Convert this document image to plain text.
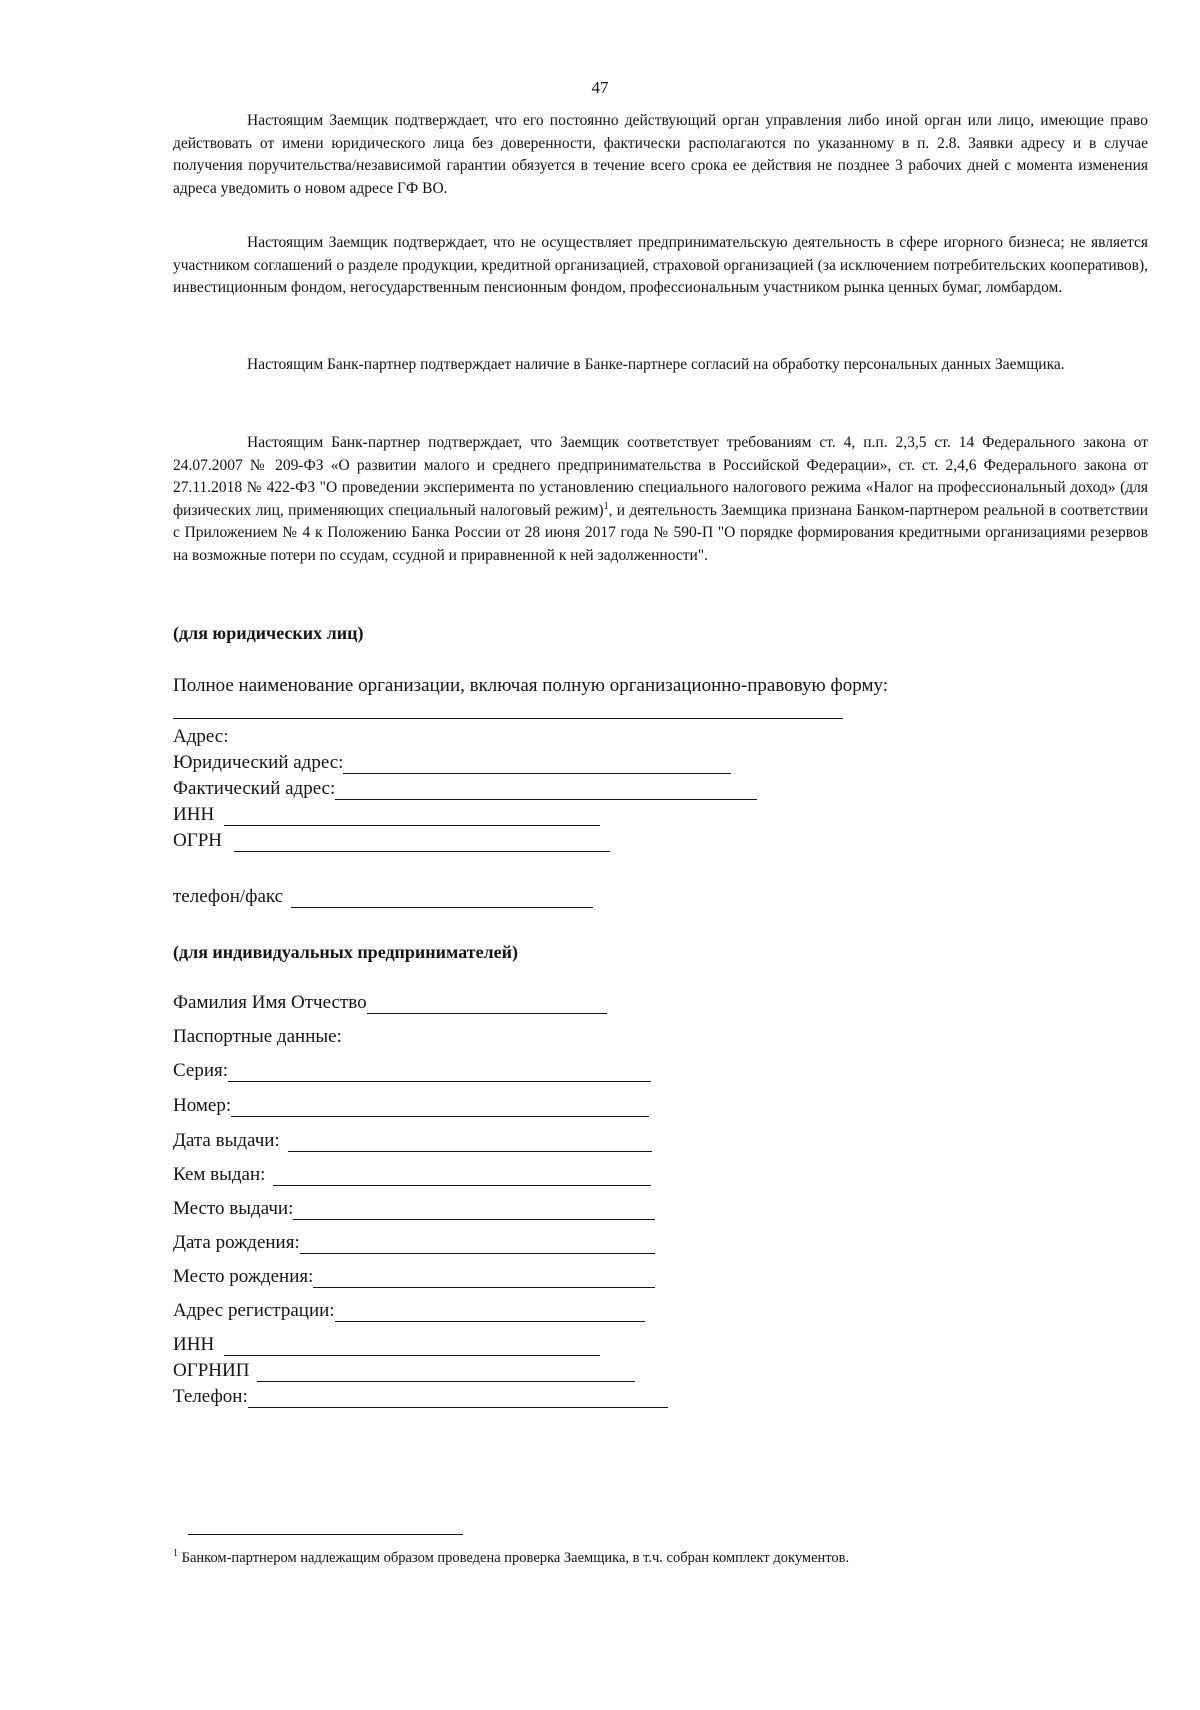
47

Настоящим Заемщик подтверждает, что его постоянно действующий орган управления либо иной орган или лицо, имеющие право действовать от имени юридического лица без доверенности, фактически располагаются по указанному в п. 2.8. Заявки адресу и в случае получения поручительства/независимой гарантии обязуется в течение всего срока ее действия не позднее 3 рабочих дней с момента изменения адреса уведомить о новом адресе ГФ ВО.

Настоящим Заемщик подтверждает, что не осуществляет предпринимательскую деятельность в сфере игорного бизнеса; не является участником соглашений о разделе продукции, кредитной организацией, страховой организацией (за исключением потребительских кооперативов), инвестиционным фондом, негосударственным пенсионным фондом, профессиональным участником рынка ценных бумаг, ломбардом.

Настоящим Банк-партнер подтверждает наличие в Банке-партнере согласий на обработку персональных данных Заемщика.

Настоящим Банк-партнер подтверждает, что Заемщик соответствует требованиям ст. 4, п.п. 2,3,5 ст. 14 Федерального закона от 24.07.2007 № 209-ФЗ «О развитии малого и среднего предпринимательства в Российской Федерации», ст. ст. 2,4,6 Федерального закона от 27.11.2018 № 422-ФЗ "О проведении эксперимента по установлению специального налогового режима «Налог на профессиональный доход» (для физических лиц, применяющих специальный налоговый режим)$^1$, и деятельность Заемщика признана Банком-партнером реальной в соответствии с Приложением № 4 к Положению Банка России от 28 июня 2017 года № 590-П "О порядке формирования кредитными организациями резервов на возможные потери по ссудам, ссудной и приравненной к ней задолженности".

(для юридических лиц)
Полное наименование организации, включая полную организационно-правовую форму:
Адрес:
Юридический адрес:
Фактический адрес:
ИНН
ОГРН
телефон/факс
(для индивидуальных предпринимателей)
Фамилия Имя Отчество
Паспортные данные:
Серия:
Номер:
Дата выдачи:
Кем выдан:
Место выдачи:
Дата рождения:
Место рождения:
Адрес регистрации:
ИНН
ОГРНИП
Телефон:
$^1$ Банком-партнером надлежащим образом проведена проверка Заемщика, в т.ч. собран комплект документов.
